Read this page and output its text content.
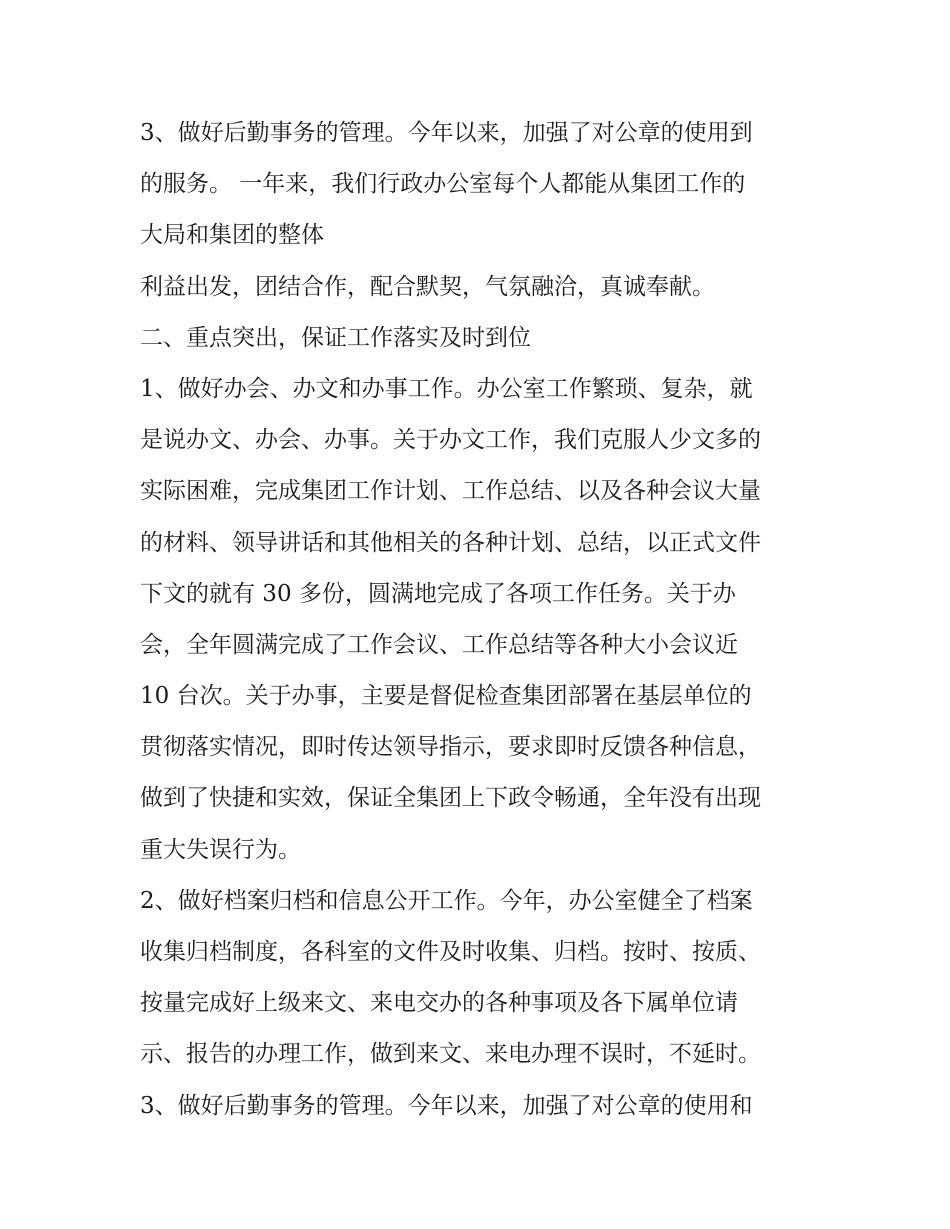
3、做好后勤事务的管理。今年以来，加强了对公章的使用到

的服务。 一年来，我们行政办公室每个人都能从集团工作的

大局和集团的整体

利益出发，团结合作，配合默契，气氛融洽，真诚奉献。

二、重点突出，保证工作落实及时到位

1、做好办会、办文和办事工作。办公室工作繁琐、复杂，就

是说办文、办会、办事。关于办文工作，我们克服人少文多的

实际困难，完成集团工作计划、工作总结、以及各种会议大量

的材料、领导讲话和其他相关的各种计划、总结，以正式文件

下文的就有 30 多份，圆满地完成了各项工作任务。关于办

会，全年圆满完成了工作会议、工作总结等各种大小会议近

10 台次。关于办事，主要是督促检查集团部署在基层单位的

贯彻落实情况，即时传达领导指示，要求即时反馈各种信息，

做到了快捷和实效，保证全集团上下政令畅通，全年没有出现

重大失误行为。

2、做好档案归档和信息公开工作。今年，办公室健全了档案

收集归档制度，各科室的文件及时收集、归档。按时、按质、

按量完成好上级来文、来电交办的各种事项及各下属单位请

示、报告的办理工作，做到来文、来电办理不误时，不延时。

3、做好后勤事务的管理。今年以来，加强了对公章的使用和
